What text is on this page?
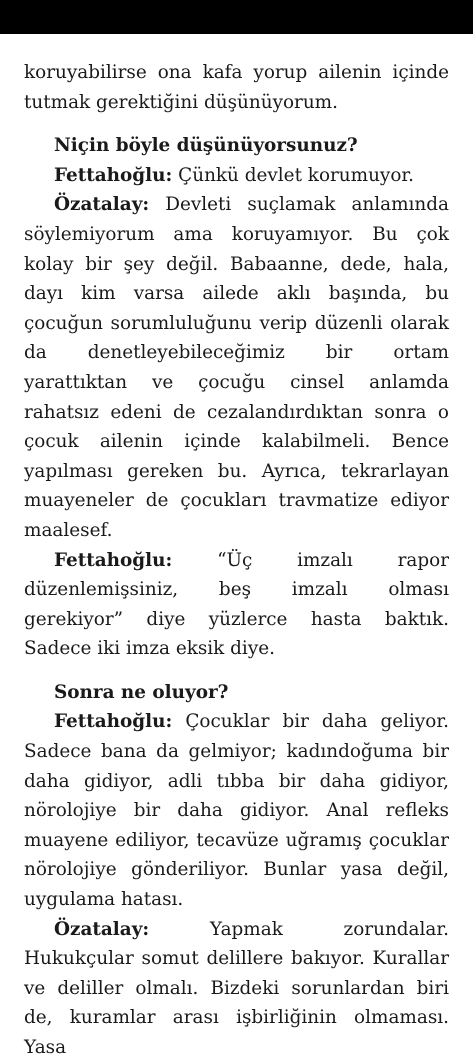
koruyabilirse ona kafa yorup ailenin içinde tutmak gerektiğini düşünüyorum.

Niçin böyle düşünüyorsunuz?

Fettahoğlu: Çünkü devlet korumuyor.

Özatalay: Devleti suçlamak anlamında söylemiyorum ama koruyamıyor. Bu çok kolay bir şey değil. Babaanne, dede, hala, dayı kim varsa ailede aklı başında, bu çocuğun sorumluluğunu verip düzenli olarak da denetleyebileceğimiz bir ortam yarattıktan ve çocuğu cinsel anlamda rahatsız edeni de cezalandırdıktan sonra o çocuk ailenin içinde kalabilmeli. Bence yapılması gereken bu. Ayrıca, tekrarlayan muayeneler de çocukları travmatize ediyor maalesef.

Fettahoğlu: “Üç imzalı rapor düzenlemişsiniz, beş imzalı olması gerekiyor” diye yüzlerce hasta baktık. Sadece iki imza eksik diye.

Sonra ne oluyor?

Fettahoğlu: Çocuklar bir daha geliyor. Sadece bana da gelmiyor; kadındoğuma bir daha gidiyor, adli tıbba bir daha gidiyor, nörolojiye bir daha gidiyor. Anal refleks muayene ediliyor, tecavüze uğramış çocuklar nörolojiye gönderiliyor. Bunlar yasa değil, uygulama hatası.

Özatalay: Yapmak zorundalar. Hukukçular somut delillere bakıyor. Kurallar ve deliller olmalı. Bizdeki sorunlardan biri de, kuramlar arası işbirliğinin olmaması. Yasa
